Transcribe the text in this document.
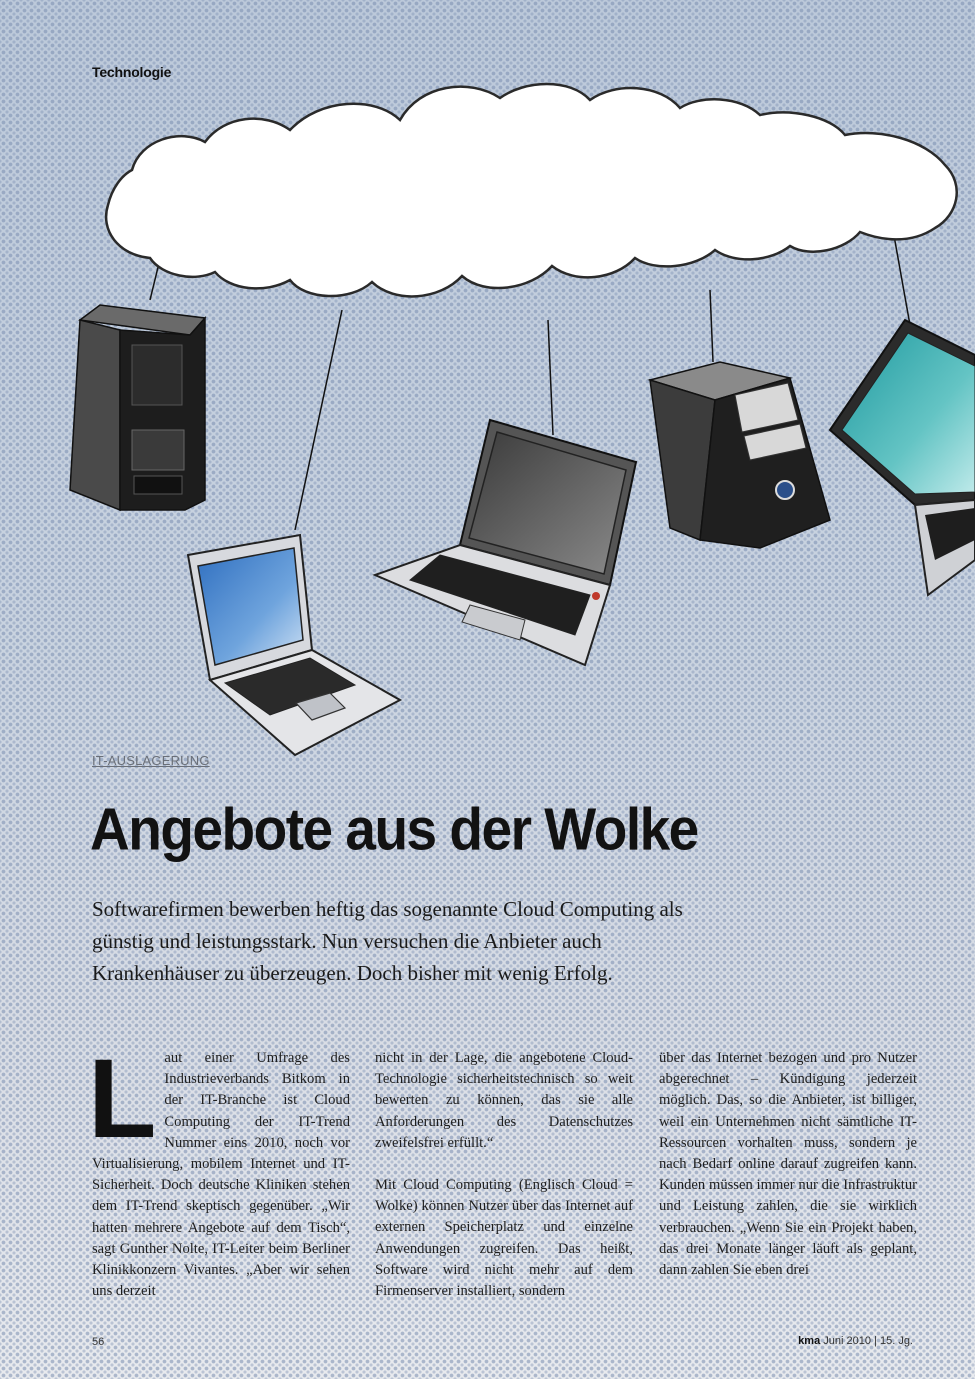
Technologie
IT-AUSLAGERUNG
Angebote aus der Wolke

Softwarefirmen bewerben heftig das sogenannte Cloud Computing als günstig und leistungsstark. Nun versuchen die Anbieter auch Krankenhäuser zu überzeugen. Doch bisher mit wenig Erfolg.

Laut einer Umfrage des Industrieverbands Bitkom in der IT-Branche ist Cloud Computing der IT-Trend Nummer eins 2010, noch vor Virtualisierung, mobilem Internet und IT-Sicherheit. Doch deutsche Kliniken stehen dem IT-Trend skeptisch gegenüber. „Wir hatten mehrere Angebote auf dem Tisch“, sagt Gunther Nolte, IT-Leiter beim Berliner Klinikkonzern Vivantes. „Aber wir sehen uns derzeit

nicht in der Lage, die angebotene Cloud-Technologie sicherheitstechnisch so weit bewerten zu können, das sie alle Anforderungen des Datenschutzes zweifelsfrei erfüllt.“

Mit Cloud Computing (Englisch Cloud = Wolke) können Nutzer über das Internet auf externen Speicherplatz und einzelne Anwendungen zugreifen. Das heißt, Software wird nicht mehr auf dem Firmenserver installiert, sondern

über das Internet bezogen und pro Nutzer abgerechnet – Kündigung jederzeit möglich. Das, so die Anbieter, ist billiger, weil ein Unternehmen nicht sämtliche IT-Ressourcen vorhalten muss, sondern je nach Bedarf online darauf zugreifen kann. Kunden müssen immer nur die Infrastruktur und Leistung zahlen, die sie wirklich verbrauchen. „Wenn Sie ein Projekt haben, das drei Monate länger läuft als geplant, dann zahlen Sie eben drei

56	kma Juni 2010 | 15. Jg.
